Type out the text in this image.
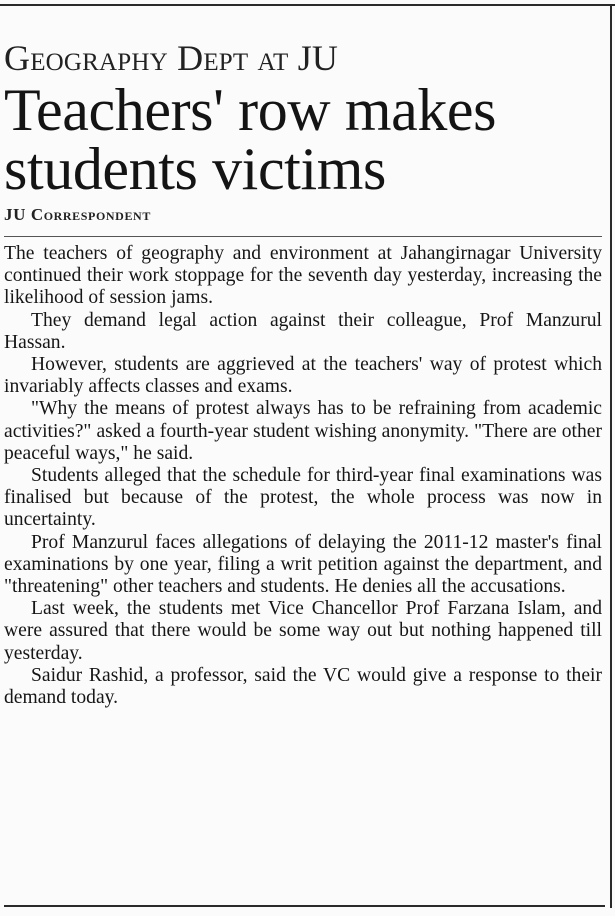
Geography Dept at JU
Teachers' row makes students victims
JU Correspondent

The teachers of geography and environment at Jahangirnagar University continued their work stoppage for the seventh day yesterday, increasing the likelihood of session jams.

They demand legal action against their colleague, Prof Manzurul Hassan.

However, students are aggrieved at the teachers' way of protest which invariably affects classes and exams.

"Why the means of protest always has to be refraining from academic activities?" asked a fourth-year student wishing anonymity. "There are other peaceful ways," he said.

Students alleged that the schedule for third-year final examinations was finalised but because of the protest, the whole process was now in uncertainty.

Prof Manzurul faces allegations of delaying the 2011-12 master's final examinations by one year, filing a writ petition against the department, and "threatening" other teachers and students. He denies all the accusations.

Last week, the students met Vice Chancellor Prof Farzana Islam, and were assured that there would be some way out but nothing happened till yesterday.

Saidur Rashid, a professor, said the VC would give a response to their demand today.
